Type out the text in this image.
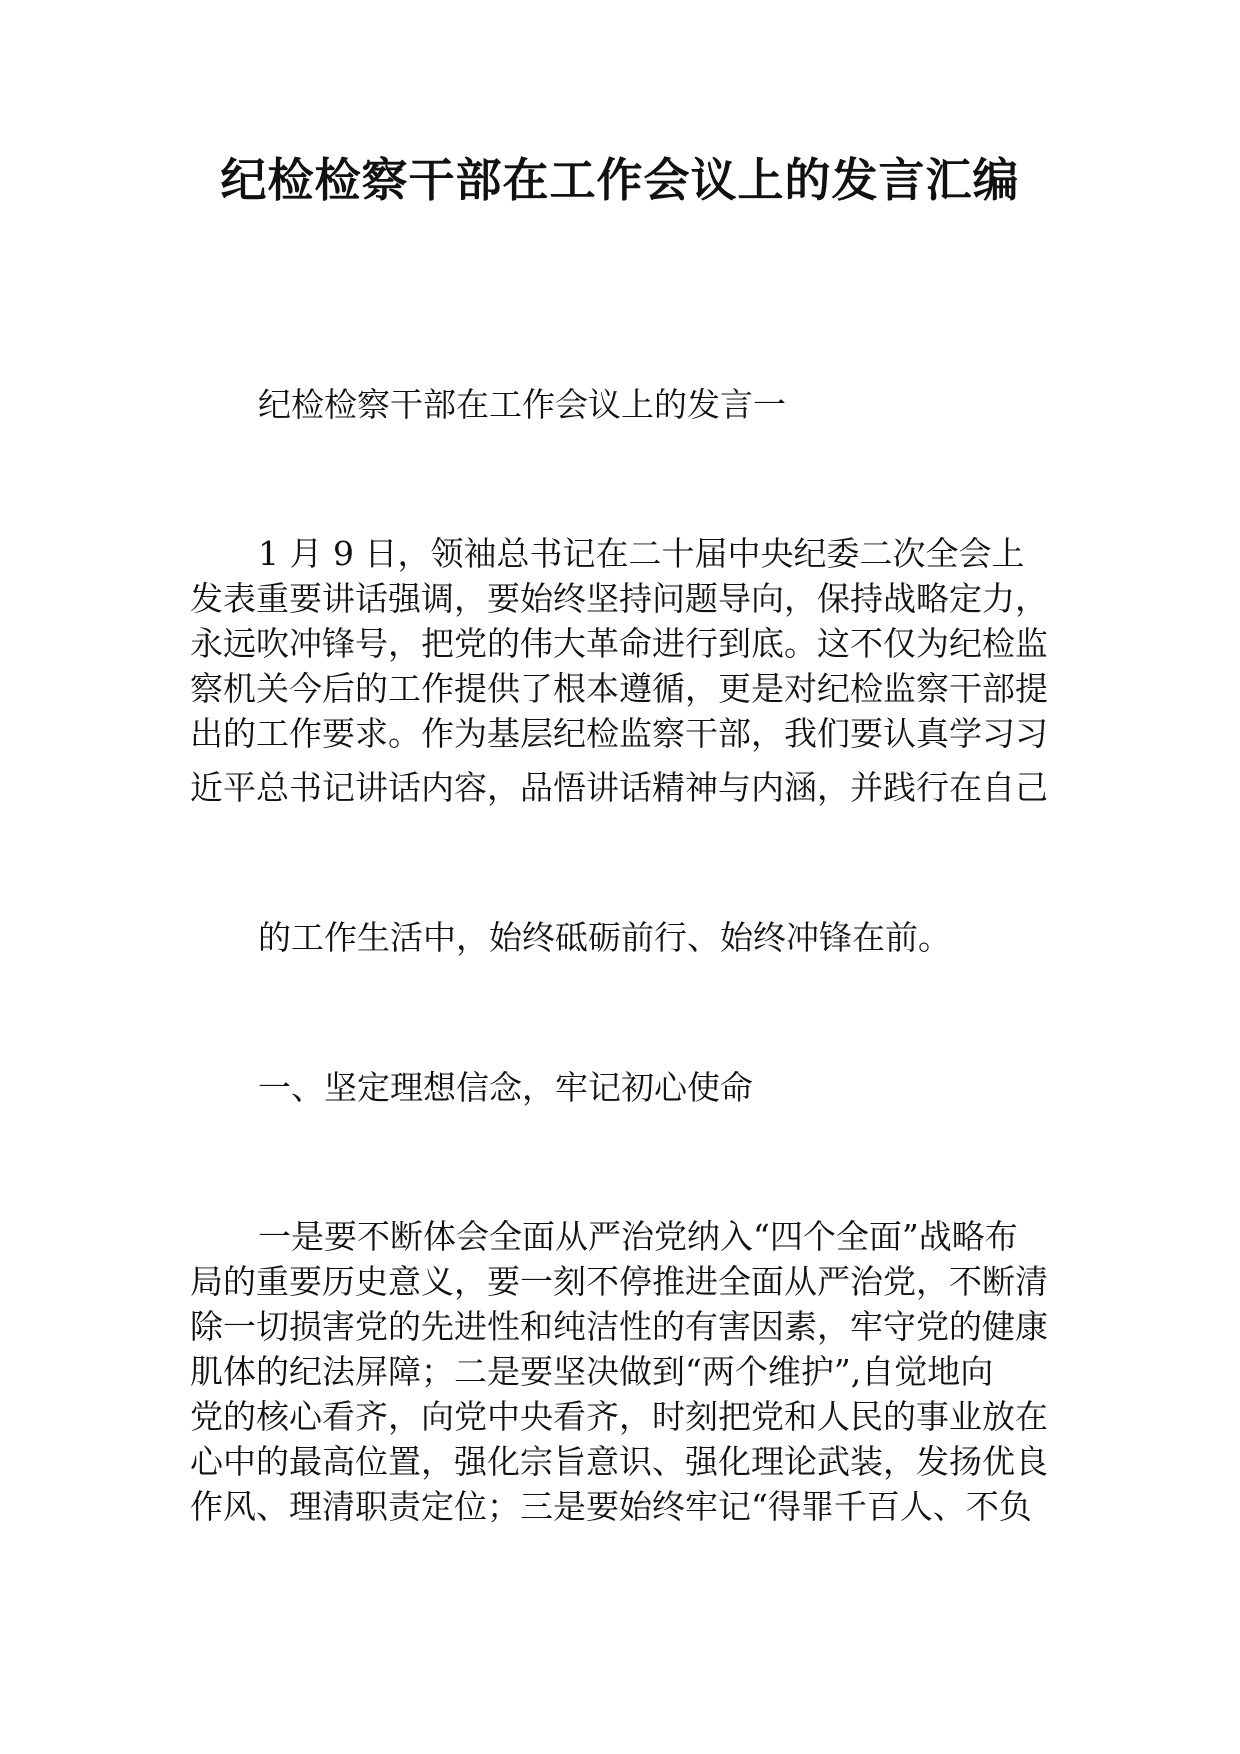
纪检检察干部在工作会议上的发言汇编
纪检检察干部在工作会议上的发言一
1 月 9 日，领袖总书记在二十届中央纪委二次全会上
发表重要讲话强调，要始终坚持问题导向，保持战略定力，
永远吹冲锋号，把党的伟大革命进行到底。这不仅为纪检监
察机关今后的工作提供了根本遵循，更是对纪检监察干部提
出的工作要求。作为基层纪检监察干部，我们要认真学习习
近平总书记讲话内容，品悟讲话精神与内涵，并践行在自己
的工作生活中，始终砥砺前行、始终冲锋在前。
一、坚定理想信念，牢记初心使命
一是要不断体会全面从严治党纳入“四个全面”战略布
局的重要历史意义，要一刻不停推进全面从严治党，不断清
除一切损害党的先进性和纯洁性的有害因素，牢守党的健康
肌体的纪法屏障；二是要坚决做到“两个维护”,自觉地向
党的核心看齐，向党中央看齐，时刻把党和人民的事业放在
心中的最高位置，强化宗旨意识、强化理论武装，发扬优良
作风、理清职责定位；三是要始终牢记“得罪千百人、不负
